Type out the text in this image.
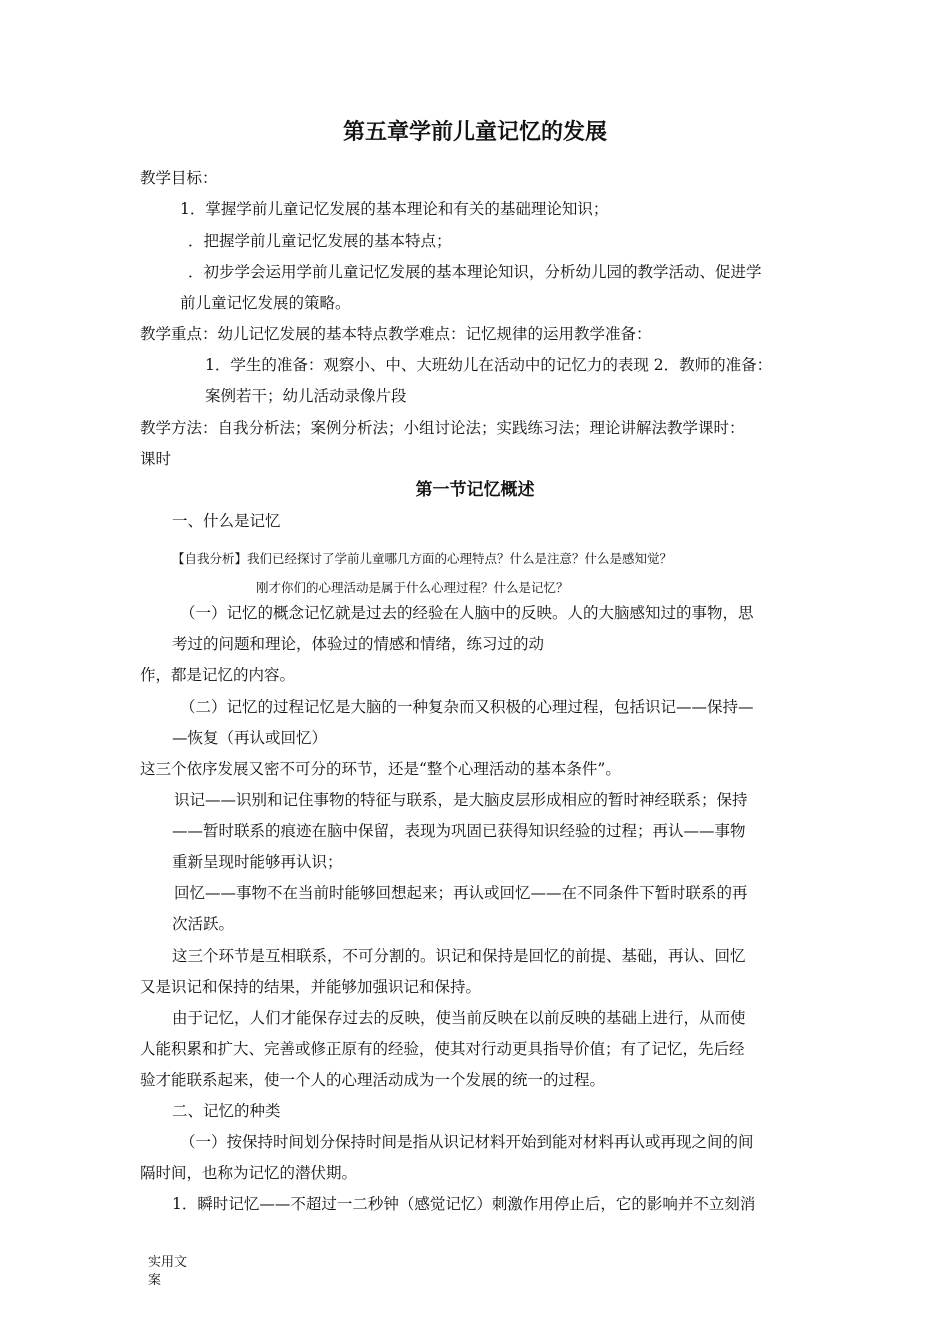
第五章学前儿童记忆的发展

教学目标：

1．掌握学前儿童记忆发展的基本理论和有关的基础理论知识；

．把握学前儿童记忆发展的基本特点；

．初步学会运用学前儿童记忆发展的基本理论知识，分析幼儿园的教学活动、促进学

前儿童记忆发展的策略。

教学重点：幼儿记忆发展的基本特点教学难点：记忆规律的运用教学准备：

1．学生的准备：观察小、中、大班幼儿在活动中的记忆力的表现 2．教师的准备：

案例若干；幼儿活动录像片段

教学方法：自我分析法；案例分析法；小组讨论法；实践练习法；理论讲解法教学课时：

课时

第一节记忆概述

一、什么是记忆

【自我分析】我们已经探讨了学前儿童哪几方面的心理特点？什么是注意？什么是感知觉？

刚才你们的心理活动是属于什么心理过程？什么是记忆？

（一）记忆的概念记忆就是过去的经验在人脑中的反映。人的大脑感知过的事物，思

考过的问题和理论，体验过的情感和情绪，练习过的动

作，都是记忆的内容。

（二）记忆的过程记忆是大脑的一种复杂而又积极的心理过程，包括识记——保持—

—恢复（再认或回忆）

这三个依序发展又密不可分的环节，还是“整个心理活动的基本条件”。

识记——识别和记住事物的特征与联系，是大脑皮层形成相应的暂时神经联系；保持

——暂时联系的痕迹在脑中保留，表现为巩固已获得知识经验的过程；再认——事物

重新呈现时能够再认识；

回忆——事物不在当前时能够回想起来；再认或回忆——在不同条件下暂时联系的再

次活跃。

这三个环节是互相联系，不可分割的。识记和保持是回忆的前提、基础，再认、回忆

又是识记和保持的结果，并能够加强识记和保持。

由于记忆，人们才能保存过去的反映，使当前反映在以前反映的基础上进行，从而使

人能积累和扩大、完善或修正原有的经验，使其对行动更具指导价值；有了记忆，先后经

验才能联系起来，使一个人的心理活动成为一个发展的统一的过程。

二、记忆的种类

（一）按保持时间划分保持时间是指从识记材料开始到能对材料再认或再现之间的间

隔时间，也称为记忆的潜伏期。

1．瞬时记忆——不超过一二秒钟（感觉记忆）刺激作用停止后，它的影响并不立刻消

实用文案
